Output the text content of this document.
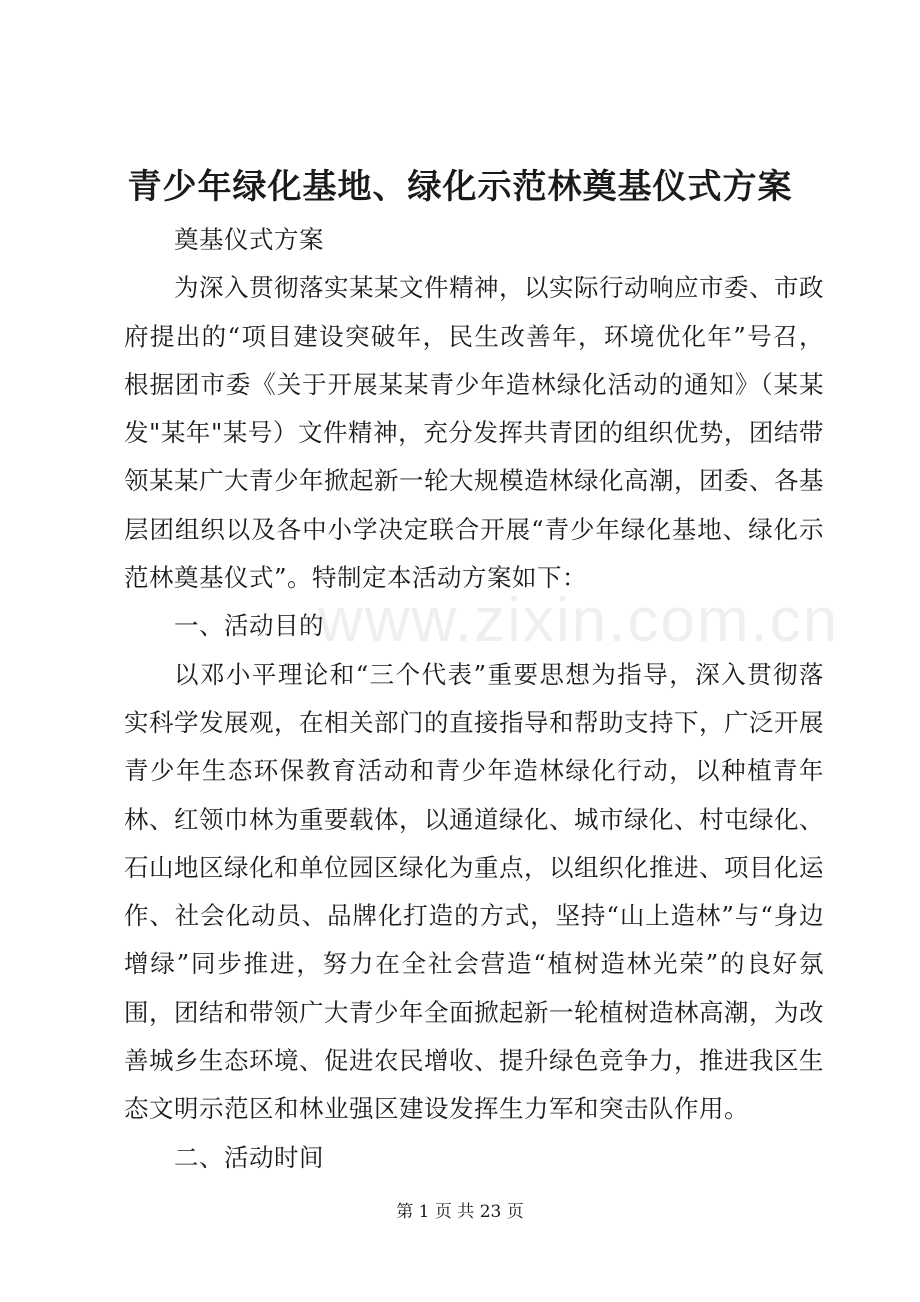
青少年绿化基地、绿化示范林奠基仪式方案

奠基仪式方案

为深入贯彻落实某某文件精神，以实际行动响应市委、市政府提出的“项目建设突破年，民生改善年，环境优化年”号召，根据团市委《关于开展某某青少年造林绿化活动的通知》（某某发"某年"某号）文件精神，充分发挥共青团的组织优势，团结带领某某广大青少年掀起新一轮大规模造林绿化高潮，团委、各基层团组织以及各中小学决定联合开展“青少年绿化基地、绿化示范林奠基仪式”。特制定本活动方案如下：

一、活动目的

以邓小平理论和“三个代表”重要思想为指导，深入贯彻落实科学发展观，在相关部门的直接指导和帮助支持下，广泛开展青少年生态环保教育活动和青少年造林绿化行动，以种植青年林、红领巾林为重要载体，以通道绿化、城市绿化、村屯绿化、石山地区绿化和单位园区绿化为重点，以组织化推进、项目化运作、社会化动员、品牌化打造的方式，坚持“山上造林”与“身边增绿”同步推进，努力在全社会营造“植树造林光荣”的良好氛围，团结和带领广大青少年全面掀起新一轮植树造林高潮，为改善城乡生态环境、促进农民增收、提升绿色竞争力，推进我区生态文明示范区和林业强区建设发挥生力军和突击队作用。

二、活动时间

www.zixin.com.cn
第 1 页 共 23 页
